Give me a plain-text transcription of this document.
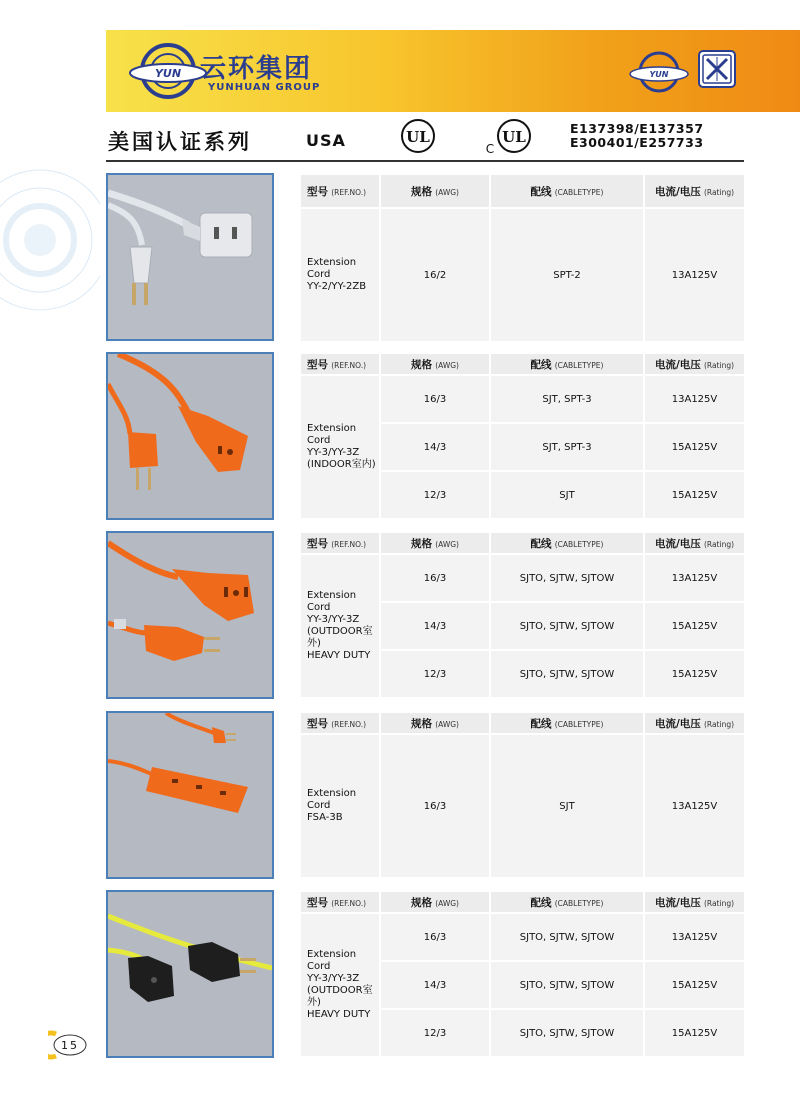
YUN 云环集团
YUNHUAN GROUP
YUN
美国认证系列	USA	UL	UL
C
E137398/E137357
E300401/E257733
型号 (REF.NO.)	规格 (AWG)	配线 (CABLETYPE)	电流/电压 (Rating)

Extension Cord
YY-2/YY-2ZB	16/2	SPT-2	13A125V
型号 (REF.NO.)	规格 (AWG)	配线 (CABLETYPE)	电流/电压 (Rating)

Extension Cord
YY-3/YY-3Z
(INDOOR室内)	16/3	SJT, SPT-3	13A125V
	14/3	SJT, SPT-3	15A125V
	12/3	SJT	15A125V
型号 (REF.NO.)	规格 (AWG)	配线 (CABLETYPE)	电流/电压 (Rating)

Extension Cord
YY-3/YY-3Z
(OUTDOOR室外)
HEAVY DUTY	16/3	SJTO, SJTW, SJTOW	13A125V
	14/3	SJTO, SJTW, SJTOW	15A125V
	12/3	SJTO, SJTW, SJTOW	15A125V
型号 (REF.NO.)	规格 (AWG)	配线 (CABLETYPE)	电流/电压 (Rating)

Extension Cord
FSA-3B	16/3	SJT	13A125V
型号 (REF.NO.)	规格 (AWG)	配线 (CABLETYPE)	电流/电压 (Rating)

Extension Cord
YY-3/YY-3Z
(OUTDOOR室外)
HEAVY DUTY	16/3	SJTO, SJTW, SJTOW	13A125V
	14/3	SJTO, SJTW, SJTOW	15A125V
	12/3	SJTO, SJTW, SJTOW	15A125V
15
